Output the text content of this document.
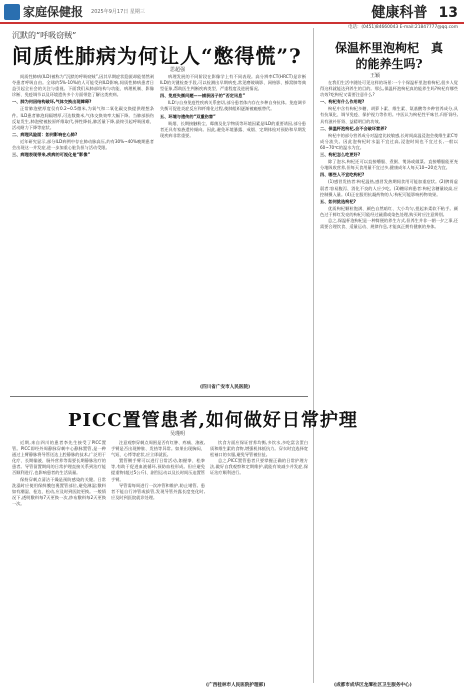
家庭保健报 2025年9月17日 星期三	健康科普 13
电话：(0451)84660043 E-mail:21847777@qq.com
沉默的“呼吸窃贼”
间质性肺病为何让人“憋得慌”?
思超强

间质性肺病(ILD)被称为“沉默的呼吸窃贼”,因其早期症状隐匿却能悄然剥夺患者呼吸自由。全球约5%-10%的人可能受到ILD影响,间质性肺病患者日益引起全社会的关注与重视。下面我们从肺部结构与功能、病理机制、影像诊断、免疫调节以及环境遗传多个方面带您了解这类疾病。

一、肺为何因结构破坏,气体交换出现障碍?

正常肺泡壁厚度仅有0.2~0.5微米,为氧气和二氧化碳交换提供理想条件。ILD患者肺泡间隔增厚,可达数微米,气体交换效率大幅下降。当肺部损伤反复发生,肺泡壁被胶原纤维取代,弹性降低,肺活量下降,最终引起呼吸困难、活动耐力下降等症状。

二、病理风险面：如何影响在心肺?

近年研究显示,部分ILD病例中存在肺动脉高压,约有30%~40%晚期患者会出现这一并发症,进一步加重心脏负担与活动受限。

三、病理表现带来,疾病的可视化是“影像”

病理发展的不同阶段在影像学上有不同表现。高分辨率CT(HRCT)是诊断ILD的关键检查手段,可以检测出早期病变,常见磨玻璃影、网格影、蜂窝肺等典型征象,帮助医生判断疾病类型、严重程度及进展情况。

四、免疫失衡问题——捕获因子的“否定讯息”

ILD与自身免疫性疾病关系密切,部分患者体内存在多种自身抗体。免疫调节失衡可促进炎症反应和纤维化过程,使肺组织逐渐被瘢痕替代。

五、环境与遗传的“双重伤害”

吸烟、长期接触粉尘、霉菌及化学物质等环境因素是ILD的重要诱因,部分患者还具有家族遗传倾向。因此,避免环境暴露、戒烟、定期体检对预防和早期发现疾病非常重要。

(四川省广安市人民医院)
PICC置管患者,如何做好日常护理
吴瑾明

近期,来自四川的患者李先生接受了PICC置管。PICC即经外周静脉穿刺中心静脉置管,是一种通过上臂静脉将导管送达上腔静脉的技术,广泛用于化疗、长期输液、肠外营养等需要长期静脉治疗的患者。导管留置期间的日常护理直接关系到治疗能否顺利进行,也影响患者的生活质量。

保持穿刺点清洁干燥是预防感染的关键。日常洗澡时应使用保鲜膜包裹置管部位,避免淋湿;敷料如有潮湿、卷边、松动,应及时到医院更换。一般情况下,透明敷料每7天更换一次,纱布敷料每2天更换一次。

注意观察穿刺点周围是否有红肿、疼痛、渗液,手臂是否出现肿胀、发热等异常。如果出现胸闷、气短、心悸等症状,应立即就医。

置管侧手臂可以进行日常活动,如握拳、松拳等,有助于促进血液循环,预防血栓形成。但应避免提重物(超过5公斤)、剧烈运动以及长时间压迫置管手臂。

导管需每周进行一次冲管和维护,防止堵管。患者不能自行冲管或拔管,发现导管外露长度变化时,应及时到医院就诊处理。

饮食方面应保证营养均衡,多饮水,多吃富含蛋白质和维生素的食物,增强机体抵抗力。穿衣时宜选择宽松袖口的衣服,避免导管被拉扯。

总之,PICC置管患者只要掌握正确的日常护理方法,做好自我观察和定期维护,就能有效减少并发症,保证治疗顺利进行。

(广西桂林市人民医院护理部)
保温杯里泡枸杞　真的能养生吗?
王颖

在我们生活中随处可见这样的场景:一个个保温杯里泡着枸杞,很多人觉得这样就能达到养生的目的。那么,保温杯泡枸杞真的能养生吗?枸杞有哪些功效?吃枸杞又需要注意什么?

一、枸杞有什么作用呢?

枸杞中含有枸杞多糖、胡萝卜素、维生素、氨基酸等多种营养成分,具有抗氧化、调节免疫、保护视力等作用。中医认为枸杞性平味甘,归肝肾经,具有滋补肝肾、益精明目的功效。

二、保温杯泡枸杞,会不会破坏营养?

枸杞中的部分营养成分对温度比较敏感,长时间高温浸泡会使维生素C等成分流失。因此泡枸杞时水温不宜过高,浸泡时间也不宜过长,一般以60~70℃的温水为宜。

三、枸杞怎么吃更好?

除了泡水,枸杞还可以直接嚼服、煮粥、煲汤或做菜。直接嚼服能更充分地吸收营养,但每天食用量不宜过多,健康成年人每天10~20克为宜。

四、哪些人不宜吃枸杞?

(1)感冒发热者:枸杞温热,感冒发热期间食用可能加重症状。(2)脾胃虚弱者:容易腹泻、消化不良的人应少吃。(3)糖尿病患者:枸杞含糖量较高,应控制摄入量。(4)正在服用抗凝药物的人:枸杞可能影响药物效果。

五、如何挑选枸杞?

优质枸杞颗粒饱满、颜色自然暗红、大小均匀,捏起来柔软不粘手。颜色过于鲜红发亮的枸杞可能经过硫熏或染色处理,购买时应注意辨别。

总之,保温杯泡枸杞是一种简便的养生方式,但养生并非一朝一夕之事,还需要合理饮食、适量运动、规律作息,才能真正拥有健康的身体。

(成都市成华区龙潭社区卫生服务中心)
